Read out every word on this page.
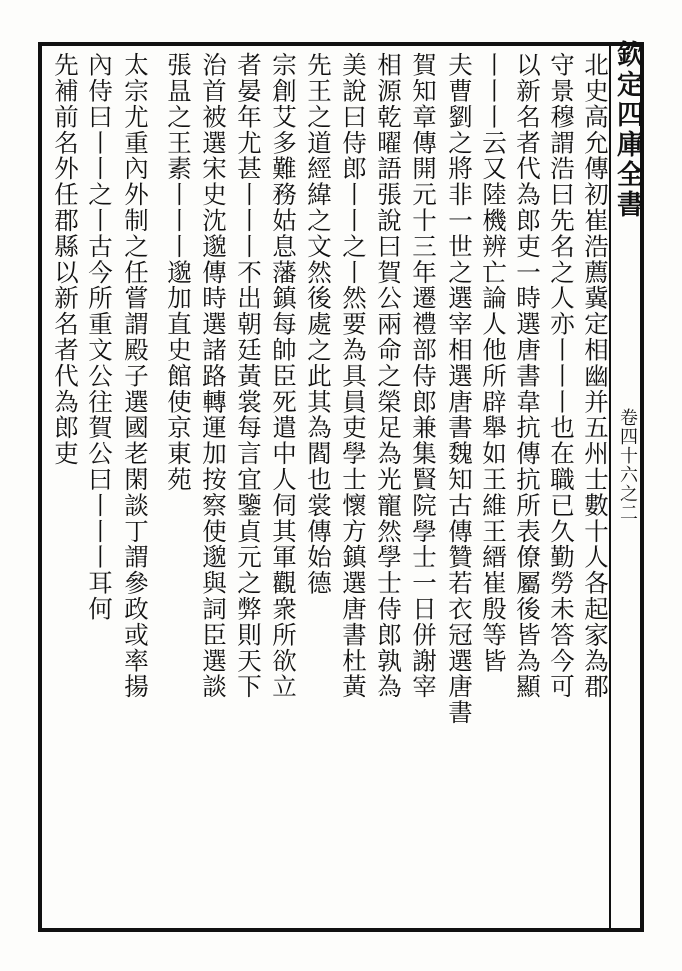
欽定四庫全書
卷四十六之二
北史高允傳初崔浩薦冀定相幽并五州士數十人各起家為郡
守景穆謂浩曰先名之人亦丨丨丨也在職已久勤勞未答今可
以新名者代為郎吏一時選唐書韋抗傳抗所表僚屬後皆為顯
丨丨丨云又陸機辨亡論人他所辟舉如王維王縉崔殷等皆
夫曹劉之將非一世之選宰相選唐書魏知古傳贊若衣冠選唐書
賀知章傳開元十三年遷禮部侍郎兼集賢院學士一日併謝宰
相源乾曜語張說曰賀公兩命之榮足為光寵然學士侍郎孰為
美說曰侍郎丨丨之丨然要為具員吏學士懷方鎮選唐書杜黃
先王之道經緯之文然後處之此其為閻也裳傳始德
宗創艾多難務姑息藩鎮每帥臣死遣中人伺其軍觀衆所欲立
者晏年尤甚丨丨丨不出朝廷黃裳每言宜鑒貞元之弊則天下
治首被選宋史沈邈傳時選諸路轉運加按察使邈與詞臣選談
張昷之王素丨丨丨邈加直史館使京東苑
太宗尤重內外制之任嘗謂殿子選國老閑談丁謂參政或率揚
內侍曰丨丨之丨古今所重文公往賀公曰丨丨丨耳何
先補前名外任郡縣以新名者代為郎吏
